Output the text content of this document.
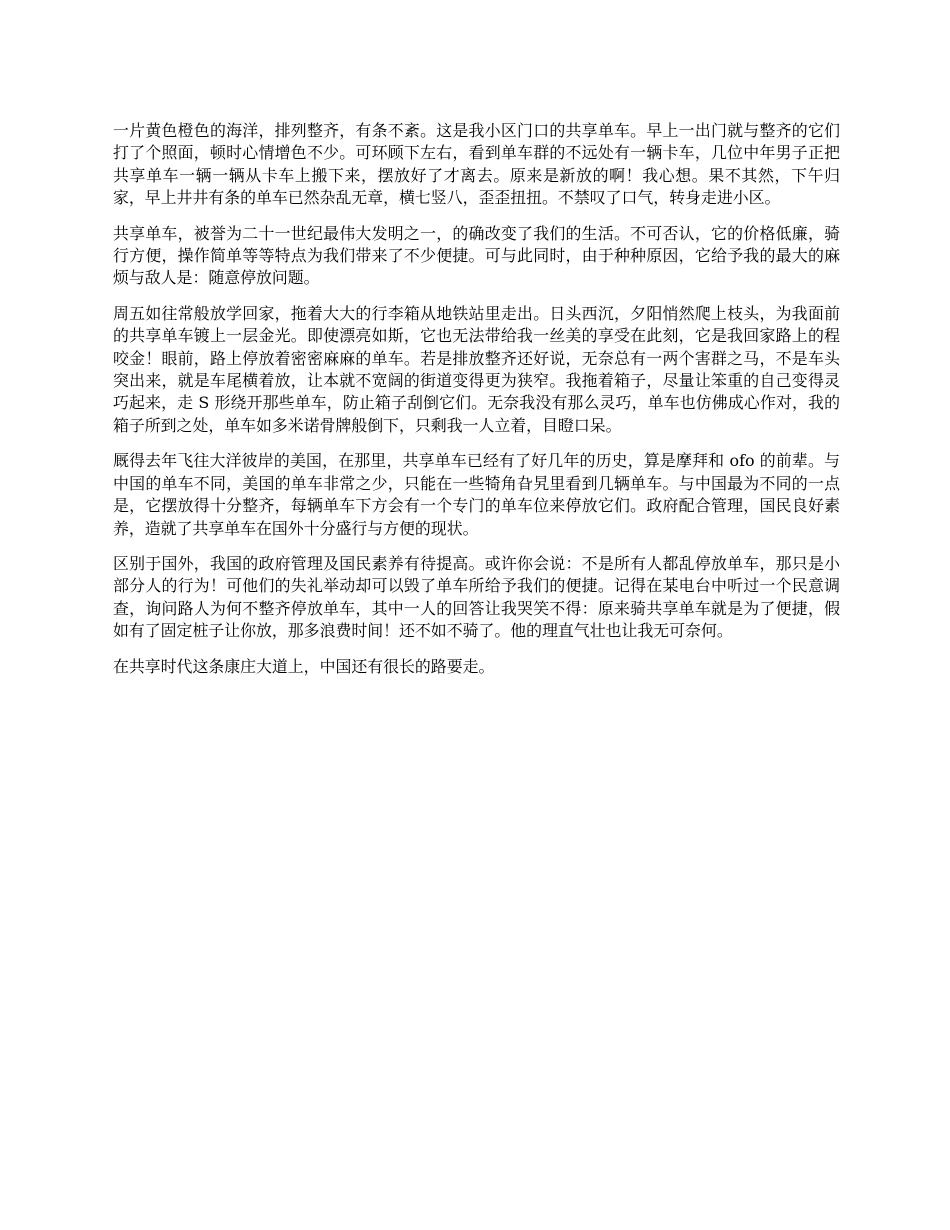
一片黄色橙色的海洋，排列整齐，有条不紊。这是我小区门口的共享单车。早上一出门就与整齐的它们打了个照面，顿时心情增色不少。可环顾下左右，看到单车群的不远处有一辆卡车，几位中年男子正把共享单车一辆一辆从卡车上搬下来，摆放好了才离去。原来是新放的啊！我心想。果不其然，下午归家，早上井井有条的单车已然杂乱无章，横七竖八，歪歪扭扭。不禁叹了口气，转身走进小区。

共享单车，被誉为二十一世纪最伟大发明之一，的确改变了我们的生活。不可否认，它的价格低廉，骑行方便，操作简单等等特点为我们带来了不少便捷。可与此同时，由于种种原因，它给予我的最大的麻烦与敌人是：随意停放问题。

周五如往常般放学回家，拖着大大的行李箱从地铁站里走出。日头西沉，夕阳悄然爬上枝头，为我面前的共享单车镀上一层金光。即使漂亮如斯，它也无法带给我一丝美的享受在此刻，它是我回家路上的程咬金！眼前，路上停放着密密麻麻的单车。若是排放整齐还好说，无奈总有一两个害群之马，不是车头突出来，就是车尾横着放，让本就不宽阔的街道变得更为狭窄。我拖着箱子，尽量让笨重的自己变得灵巧起来，走 S 形绕开那些单车，防止箱子刮倒它们。无奈我没有那么灵巧，单车也仿佛成心作对，我的箱子所到之处，单车如多米诺骨牌般倒下，只剩我一人立着，目瞪口呆。

厩得去年飞往大洋彼岸的美国，在那里，共享单车已经有了好几年的历史，算是摩拜和 ofo 的前辈。与中国的单车不同，美国的单车非常之少，只能在一些犄角旮旯里看到几辆单车。与中国最为不同的一点是，它摆放得十分整齐，每辆单车下方会有一个专门的单车位来停放它们。政府配合管理，国民良好素养，造就了共享单车在国外十分盛行与方便的现状。

区别于国外，我国的政府管理及国民素养有待提高。或许你会说：不是所有人都乱停放单车，那只是小部分人的行为！可他们的失礼举动却可以毁了单车所给予我们的便捷。记得在某电台中听过一个民意调查，询问路人为何不整齐停放单车，其中一人的回答让我哭笑不得：原来骑共享单车就是为了便捷，假如有了固定桩子让你放，那多浪费时间！还不如不骑了。他的理直气壮也让我无可奈何。

在共享时代这条康庄大道上，中国还有很长的路要走。
